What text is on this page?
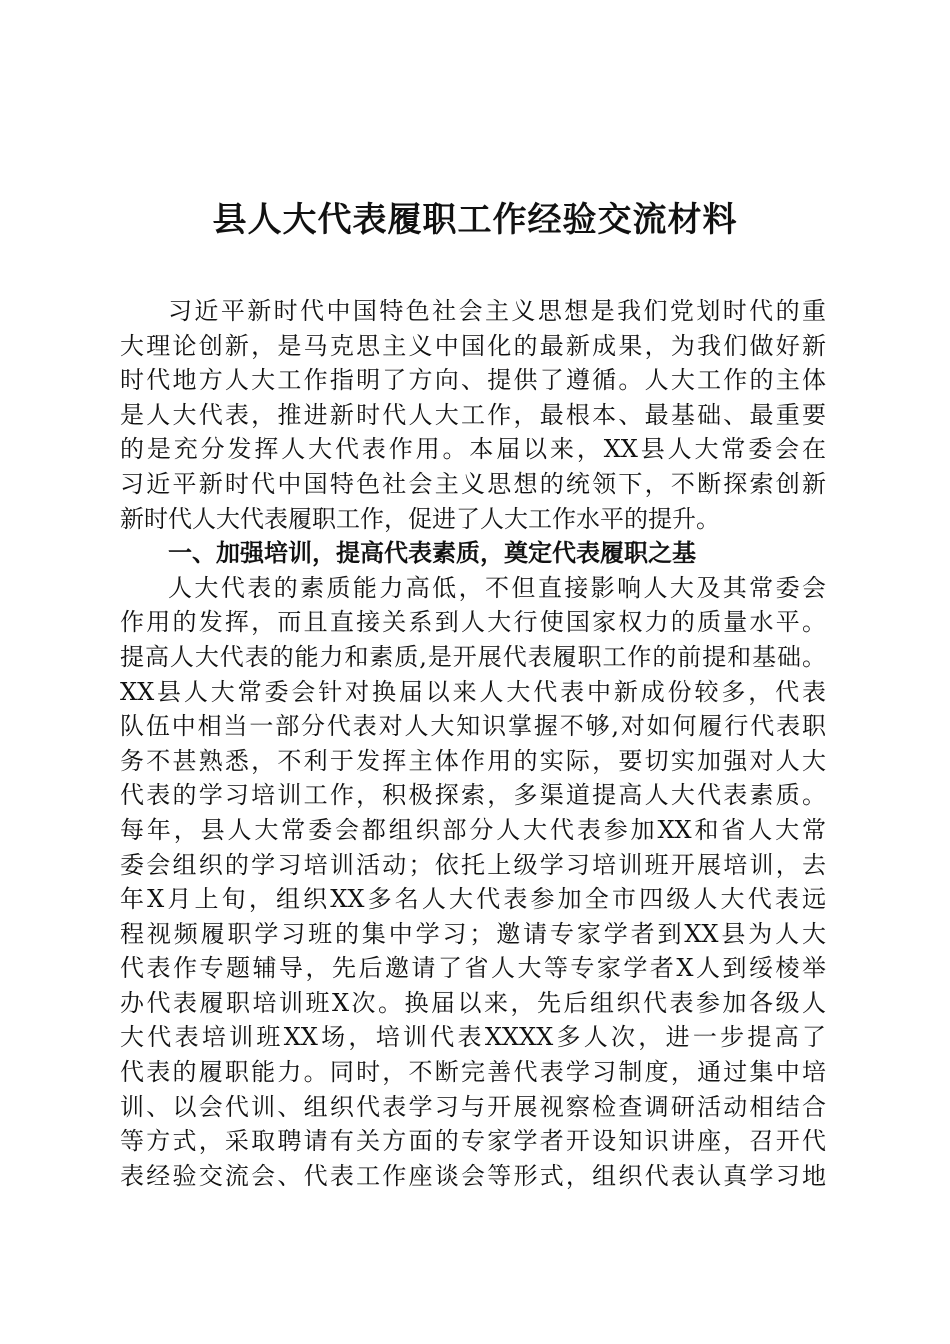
县人大代表履职工作经验交流材料
习近平新时代中国特色社会主义思想是我们党划时代的重
大理论创新，是马克思主义中国化的最新成果，为我们做好新
时代地方人大工作指明了方向、提供了遵循。人大工作的主体
是人大代表，推进新时代人大工作，最根本、最基础、最重要
的是充分发挥人大代表作用。本届以来，XX县人大常委会在
习近平新时代中国特色社会主义思想的统领下，不断探索创新
新时代人大代表履职工作，促进了人大工作水平的提升。
一、加强培训，提高代表素质，奠定代表履职之基
人大代表的素质能力高低，不但直接影响人大及其常委会
作用的发挥，而且直接关系到人大行使国家权力的质量水平。
提高人大代表的能力和素质,是开展代表履职工作的前提和基础。
XX县人大常委会针对换届以来人大代表中新成份较多，代表
队伍中相当一部分代表对人大知识掌握不够,对如何履行代表职
务不甚熟悉，不利于发挥主体作用的实际，要切实加强对人大
代表的学习培训工作，积极探索，多渠道提高人大代表素质。
每年，县人大常委会都组织部分人大代表参加XX和省人大常
委会组织的学习培训活动；依托上级学习培训班开展培训，去
年X月上旬，组织XX多名人大代表参加全市四级人大代表远
程视频履职学习班的集中学习；邀请专家学者到XX县为人大
代表作专题辅导，先后邀请了省人大等专家学者X人到绥棱举
办代表履职培训班X次。换届以来，先后组织代表参加各级人
大代表培训班XX场，培训代表XXXX多人次，进一步提高了
代表的履职能力。同时，不断完善代表学习制度，通过集中培
训、以会代训、组织代表学习与开展视察检查调研活动相结合
等方式，采取聘请有关方面的专家学者开设知识讲座，召开代
表经验交流会、代表工作座谈会等形式，组织代表认真学习地
